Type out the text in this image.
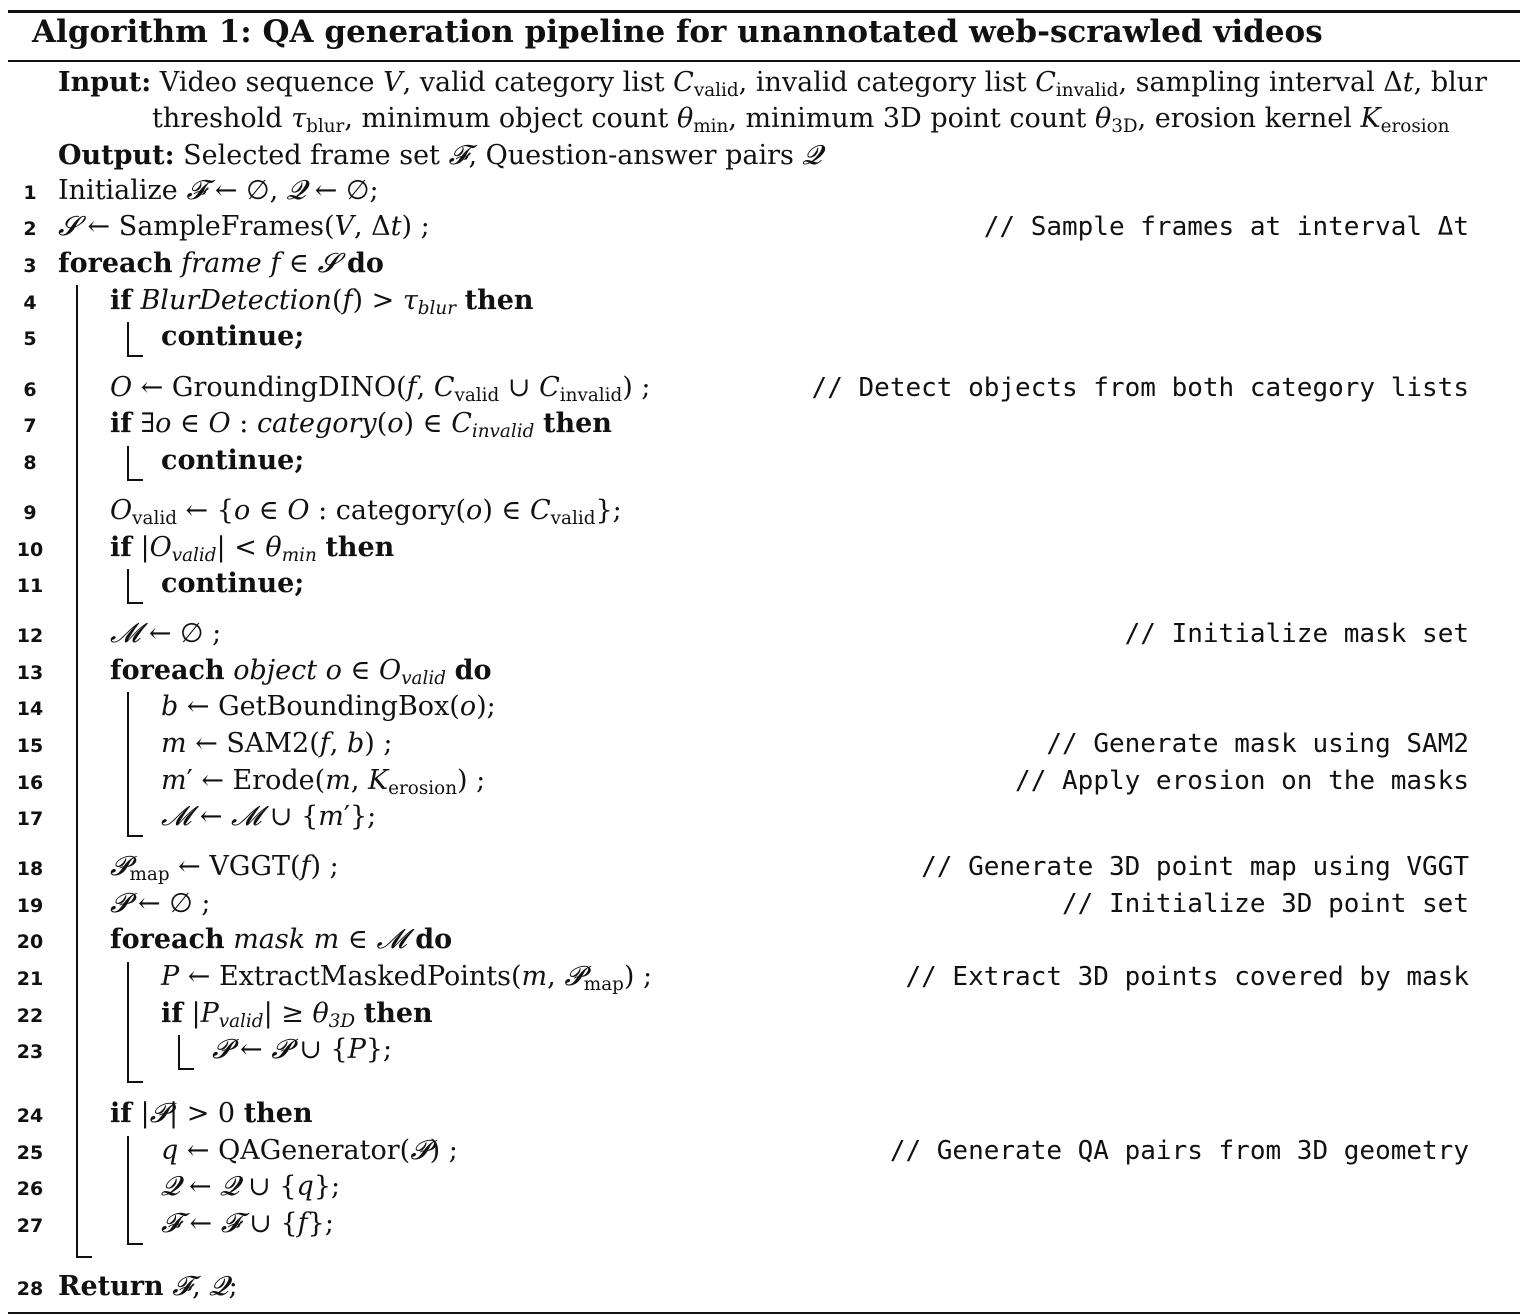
Algorithm 1: QA generation pipeline for unannotated web-scrawled videos
Input: Video sequence V, valid category list $C_{valid}$, invalid category list $C_{invalid}$, sampling interval Δt, blur
threshold $\tau_{blur}$, minimum object count $\theta_{min}$, minimum 3D point count $\theta_{3D}$, erosion kernel $K_{erosion}$
Output: Selected frame set 𝓕, Question-answer pairs 𝓠
1
2
3
4
5
6
7
8
9
10
11
12
13
14
15
16
17
18
19
20
21
22
23
24
25
26
27
28
Initialize 𝓕 ← ∅, 𝓠 ← ∅;
𝓢 ← SampleFrames(V, Δt) ;
foreach frame f ∈ 𝓢 do
if BlurDetection(f) > $\tau_{blur}$ then
continue;
O ← GroundingDINO(f, $C_{valid}$ ∪ $C_{invalid}$) ;
if ∃o ∈ O : category(o) ∈ $C_{invalid}$ then
continue;
$O_{valid}$ ← {o ∈ O : category(o) ∈ $C_{valid}$};
if $|O_{valid}| < \theta_{min}$ then
continue;
𝓜 ← ∅ ;
foreach object o ∈ $O_{valid}$ do
b ← GetBoundingBox(o);
m ← SAM2(f, b) ;
m′ ← Erode(m, $K_{erosion}$) ;
𝓜 ← 𝓜 ∪ {m′};
𝓟$_{map}$ ← VGGT(f) ;
𝓟 ← ∅ ;
foreach mask m ∈ 𝓜 do
P ← ExtractMaskedPoints(m, 𝓟$_{map}$) ;
if $|P_{valid}| \ge \theta_{3D}$ then
𝓟 ← 𝓟 ∪ {P};
if |𝓟| > 0 then
q ← QAGenerator(𝓟) ;
𝓠 ← 𝓠 ∪ {q};
𝓕 ← 𝓕 ∪ {f};
Return 𝓕, 𝓠;
// Sample frames at interval Δt
// Detect objects from both category lists
// Initialize mask set
// Generate mask using SAM2
// Apply erosion on the masks
// Generate 3D point map using VGGT
// Initialize 3D point set
// Extract 3D points covered by mask
// Generate QA pairs from 3D geometry
